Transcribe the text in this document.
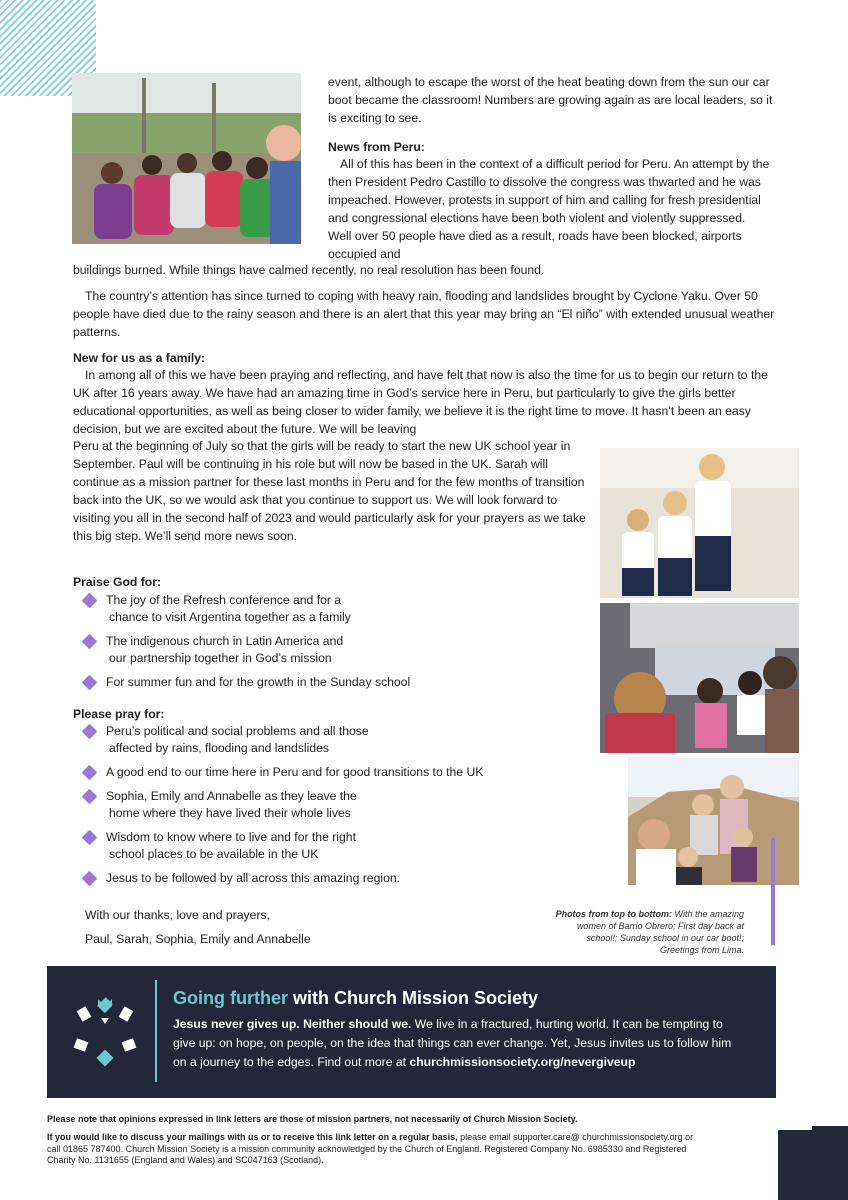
event, although to escape the worst of the heat beating down from the sun our car boot became the classroom! Numbers are growing again as are local leaders, so it is exciting to see.

News from Peru:

All of this has been in the context of a difficult period for Peru. An attempt by the then President Pedro Castillo to dissolve the congress was thwarted and he was impeached. However, protests in support of him and calling for fresh presidential and congressional elections have been both violent and violently suppressed. Well over 50 people have died as a result, roads have been blocked, airports occupied and

buildings burned. While things have calmed recently, no real resolution has been found.

The country’s attention has since turned to coping with heavy rain, flooding and landslides brought by Cyclone Yaku. Over 50 people have died due to the rainy season and there is an alert that this year may bring an “El niño” with extended unusual weather patterns.

New for us as a family:

In among all of this we have been praying and reflecting, and have felt that now is also the time for us to begin our return to the UK after 16 years away. We have had an amazing time in God’s service here in Peru, but particularly to give the girls better educational opportunities, as well as being closer to wider family, we believe it is the right time to move. It hasn’t been an easy decision, but we are excited about the future. We will be leaving

Peru at the beginning of July so that the girls will be ready to start the new UK school year in September. Paul will be continuing in his role but will now be based in the UK. Sarah will continue as a mission partner for these last months in Peru and for the few months of transition back into the UK, so we would ask that you continue to support us. We will look forward to visiting you all in the second half of 2023 and would particularly ask for your prayers as we take this big step. We’ll send more news soon.

Praise God for:

The joy of the Refresh conference and for a
chance to visit Argentina together as a family
The indigenous church in Latin America and
our partnership together in God’s mission
For summer fun and for the growth in the Sunday school

Please pray for:

Peru’s political and social problems and all those
affected by rains, flooding and landslides
A good end to our time here in Peru and for good transitions to the UK
Sophia, Emily and Annabelle as they leave the
home where they have lived their whole lives
Wisdom to know where to live and for the right
school places to be available in the UK
Jesus to be followed by all across this amazing region.

With our thanks, love and prayers,

Paul, Sarah, Sophia, Emily and Annabelle

Photos from top to bottom: With the amazing women of Barrio Obrero; First day back at school!; Sunday school in our car boot!; Greetings from Lima.

Going further with Church Mission Society

Jesus never gives up. Neither should we. We live in a fractured, hurting world. It can be tempting to give up: on hope, on people, on the idea that things can ever change. Yet, Jesus invites us to follow him on a journey to the edges. Find out more at churchmissionsociety.org/nevergiveup

Please note that opinions expressed in link letters are those of mission partners, not necessarily of Church Mission Society.

If you would like to discuss your mailings with us or to receive this link letter on a regular basis, please email supporter.care@ churchmissionsociety.org or call 01865 787400. Church Mission Society is a mission community acknowledged by the Church of England. Registered Company No. 6985330 and Registered Charity No. 1131655 (England and Wales) and SC047163 (Scotland).
